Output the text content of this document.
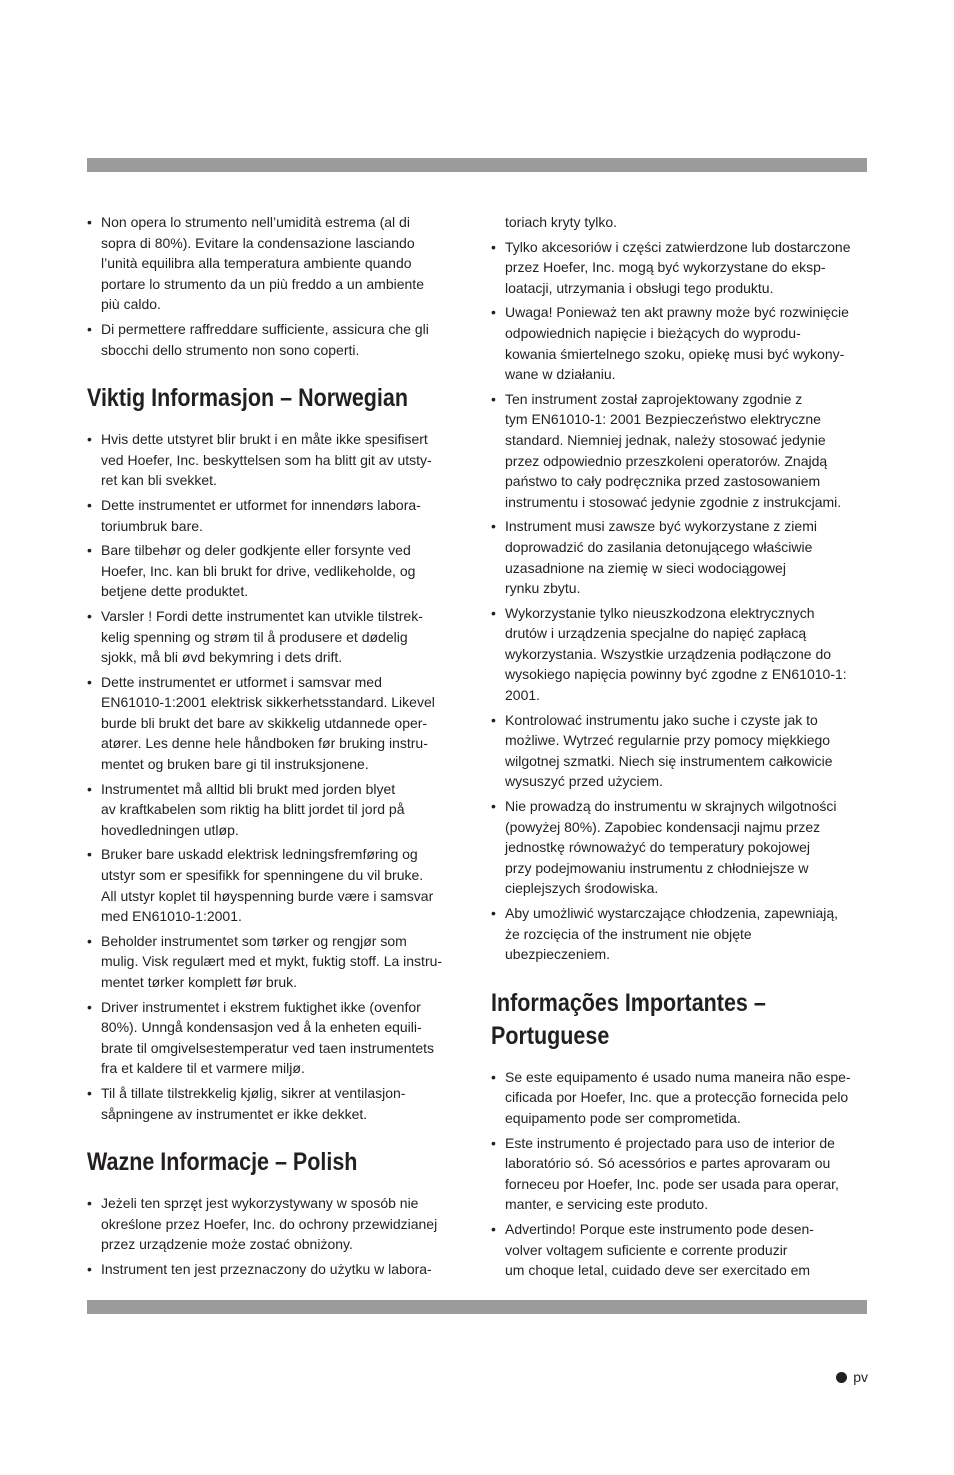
• Non opera lo strumento nell’umidità estrema (al di
sopra di 80%). Evitare la condensazione lasciando
l’unità equilibra alla temperatura ambiente quando
portare lo strumento da un più freddo a un ambiente
più caldo.
• Di permettere raffreddare sufficiente, assicura che gli
sbocchi dello strumento non sono coperti.
Viktig Informasjon – Norwegian
• Hvis dette utstyret blir brukt i en måte ikke spesifisert
ved Hoefer, Inc. beskyttelsen som ha blitt git av utsty-
ret kan bli svekket.
• Dette instrumentet er utformet for innendørs labora-
toriumbruk bare.
• Bare tilbehør og deler godkjente eller forsynte ved
Hoefer, Inc. kan bli brukt for drive, vedlikeholde, og
betjene dette produktet.
• Varsler ! Fordi dette instrumentet kan utvikle tilstrek-
kelig spenning og strøm til å produsere et dødelig
sjokk, må bli øvd bekymring i dets drift.
• Dette instrumentet er utformet i samsvar med
EN61010-1:2001 elektrisk sikkerhetsstandard. Likevel
burde bli brukt det bare av skikkelig utdannede oper-
atører. Les denne hele håndboken før bruking instru-
mentet og bruken bare gi til instruksjonene.
• Instrumentet må alltid bli brukt med jorden blyet
av kraftkabelen som riktig ha blitt jordet til jord på
hovedledningen utløp.
• Bruker bare uskadd elektrisk ledningsfremføring og
utstyr som er spesifikk for spenningene du vil bruke.
All utstyr koplet til høyspenning burde være i samsvar
med EN61010-1:2001.
• Beholder instrumentet som tørker og rengjør som
mulig. Visk regulært med et mykt, fuktig stoff. La instru-
mentet tørker komplett før bruk.
• Driver instrumentet i ekstrem fuktighet ikke (ovenfor
80%). Unngå kondensasjon ved å la enheten equili-
brate til omgivelsestemperatur ved taen instrumentets
fra et kaldere til et varmere miljø.
• Til å tillate tilstrekkelig kjølig, sikrer at ventilasjon-
såpningene av instrumentet er ikke dekket.
Wazne Informacje – Polish
• Jeżeli ten sprzęt jest wykorzystywany w sposób nie
określone przez Hoefer, Inc. do ochrony przewidzianej
przez urządzenie może zostać obniżony.
• Instrument ten jest przeznaczony do użytku w labora-
toriach kryty tylko.
• Tylko akcesoriów i części zatwierdzone lub dostarczone
przez Hoefer, Inc. mogą być wykorzystane do eksp-
loatacji, utrzymania i obsługi tego produktu.
• Uwaga! Ponieważ ten akt prawny może być rozwinięcie
odpowiednich napięcie i bieżących do wyprodu-
kowania śmiertelnego szoku, opiekę musi być wykony-
wane w działaniu.
• Ten instrument został zaprojektowany zgodnie z
tym EN61010-1: 2001 Bezpieczeństwo elektryczne
standard. Niemniej jednak, należy stosować jedynie
przez odpowiednio przeszkoleni operatorów. Znajdą
państwo to cały podręcznika przed zastosowaniem
instrumentu i stosować jedynie zgodnie z instrukcjami.
• Instrument musi zawsze być wykorzystane z ziemi
doprowadzić do zasilania detonującego właściwie
uzasadnione na ziemię w sieci wodociągowej
rynku zbytu.
• Wykorzystanie tylko nieuszkodzona elektrycznych
drutów i urządzenia specjalne do napięć zapłacą
wykorzystania. Wszystkie urządzenia podłączone do
wysokiego napięcia powinny być zgodne z EN61010-1:
2001.
• Kontrolować instrumentu jako suche i czyste jak to
możliwe. Wytrzeć regularnie przy pomocy miękkiego
wilgotnej szmatki. Niech się instrumentem całkowicie
wysuszyć przed użyciem.
• Nie prowadzą do instrumentu w skrajnych wilgotności
(powyżej 80%). Zapobiec kondensacji najmu przez
jednostkę równoważyć do temperatury pokojowej
przy podejmowaniu instrumentu z chłodniejsze w
cieplejszych środowiska.
• Aby umożliwić wystarczające chłodzenia, zapewniają,
że rozcięcia of the instrument nie objęte
ubezpieczeniem.
Informações Importantes –
Portuguese
• Se este equipamento é usado numa maneira não espe-
cificada por Hoefer, Inc. que a protecção fornecida pelo
equipamento pode ser comprometida.
• Este instrumento é projectado para uso de interior de
laboratório só. Só acessórios e partes aprovaram ou
forneceu por Hoefer, Inc. pode ser usada para operar,
manter, e servicing este produto.
• Advertindo! Porque este instrumento pode desen-
volver voltagem suficiente e corrente produzir
um choque letal, cuidado deve ser exercitado em
pv
